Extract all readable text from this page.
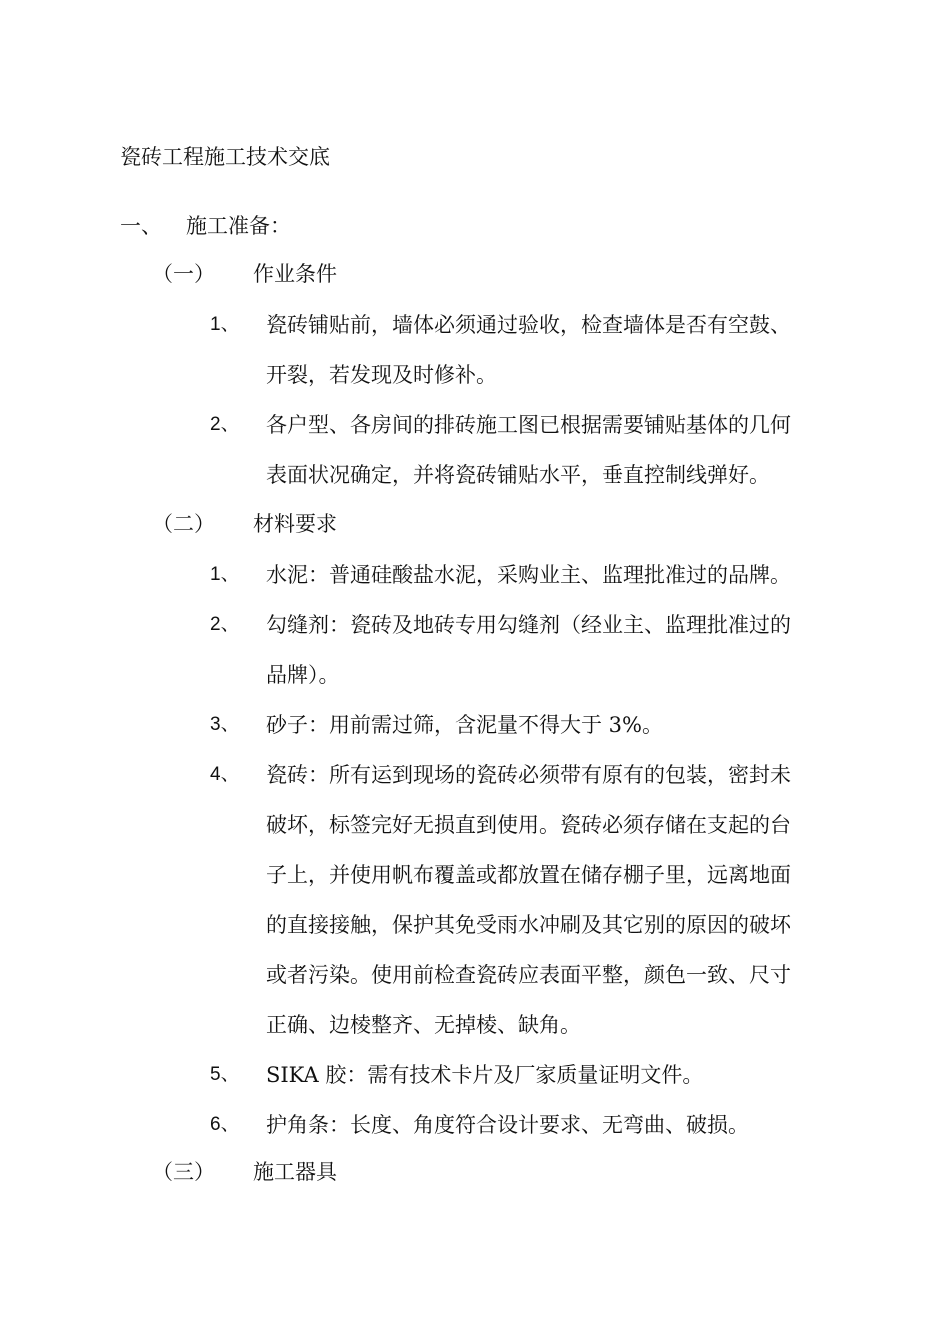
瓷砖工程施工技术交底
一、 施工准备：
（一） 作业条件
1、 瓷砖铺贴前，墙体必须通过验收，检查墙体是否有空鼓、
开裂，若发现及时修补。
2、 各户型、各房间的排砖施工图已根据需要铺贴基体的几何
表面状况确定，并将瓷砖铺贴水平，垂直控制线弹好。
（二） 材料要求
1、 水泥：普通硅酸盐水泥，采购业主、监理批准过的品牌。
2、 勾缝剂：瓷砖及地砖专用勾缝剂（经业主、监理批准过的
品牌）。
3、 砂子：用前需过筛，含泥量不得大于 3%。
4、 瓷砖：所有运到现场的瓷砖必须带有原有的包装，密封未
破坏，标签完好无损直到使用。瓷砖必须存储在支起的台
子上，并使用帆布覆盖或都放置在储存棚子里，远离地面
的直接接触，保护其免受雨水冲刷及其它别的原因的破坏
或者污染。使用前检查瓷砖应表面平整，颜色一致、尺寸
正确、边棱整齐、无掉棱、缺角。
5、 SIKA 胶：需有技术卡片及厂家质量证明文件。
6、 护角条：长度、角度符合设计要求、无弯曲、破损。
（三） 施工器具
